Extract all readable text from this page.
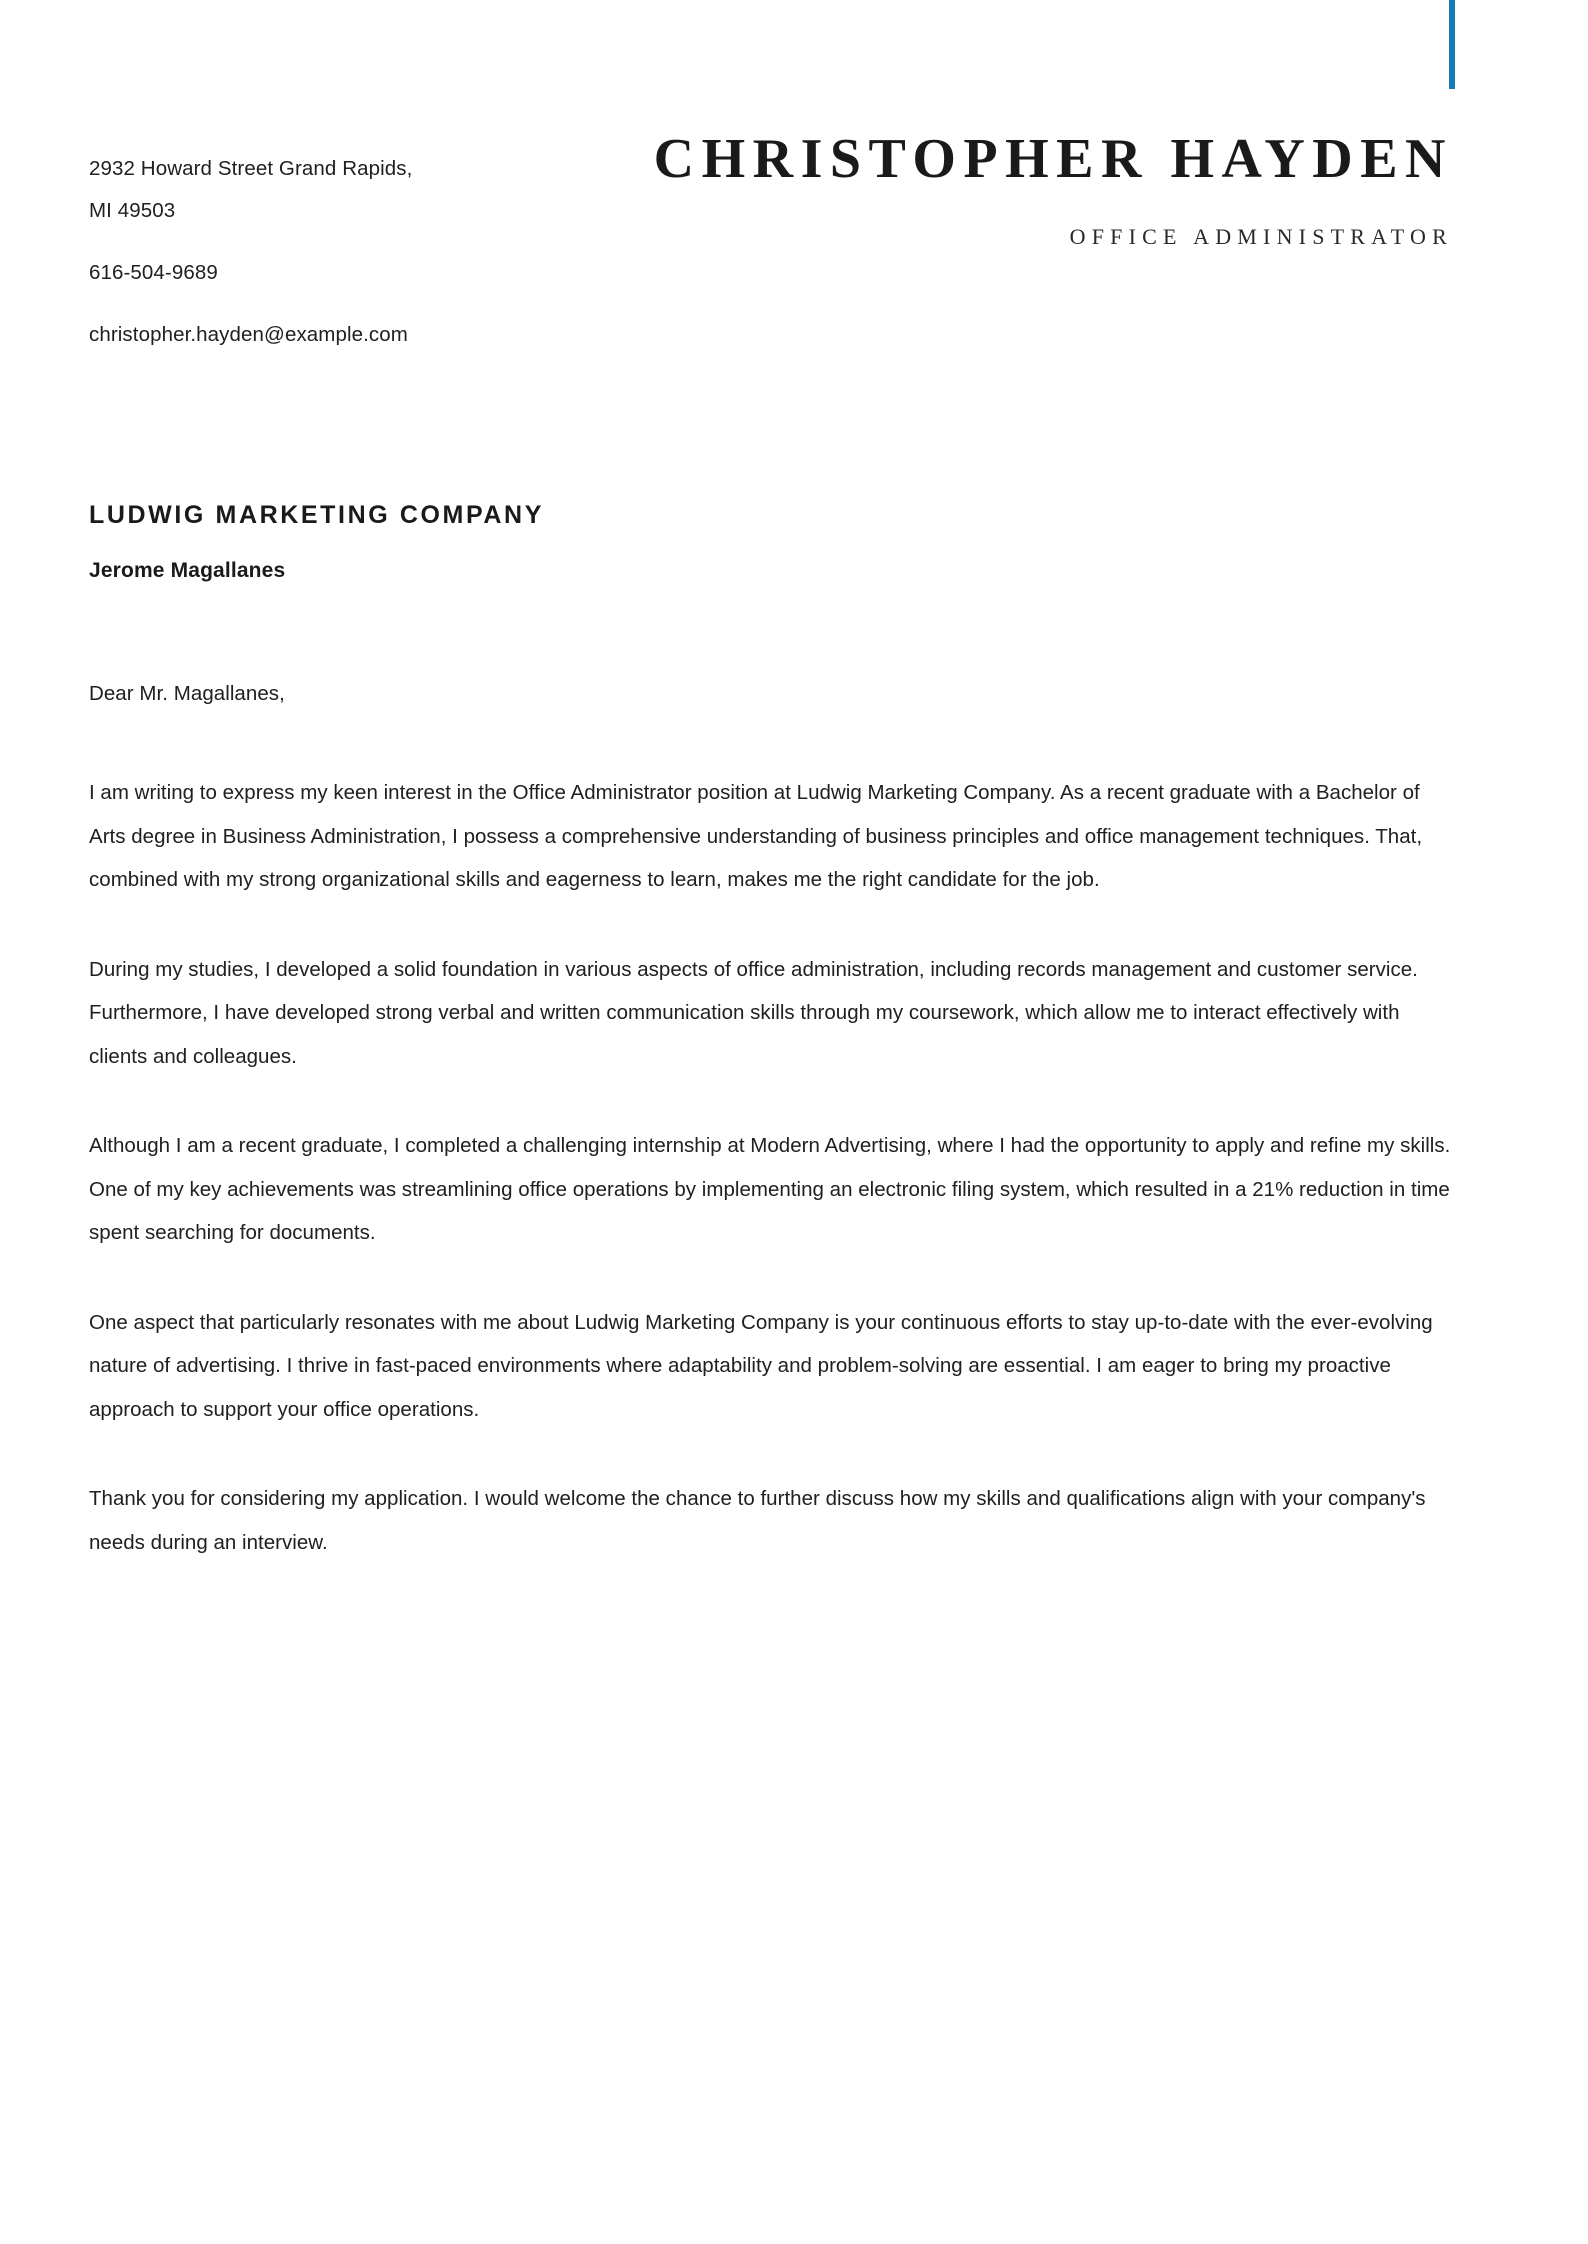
2932 Howard Street Grand Rapids,
MI 49503
616-504-9689
christopher.hayden@example.com
CHRISTOPHER HAYDEN
OFFICE ADMINISTRATOR
LUDWIG MARKETING COMPANY
Jerome Magallanes

Dear Mr. Magallanes,

I am writing to express my keen interest in the Office Administrator position at Ludwig Marketing Company. As a recent graduate with a Bachelor of Arts degree in Business Administration, I possess a comprehensive understanding of business principles and office management techniques. That, combined with my strong organizational skills and eagerness to learn, makes me the right candidate for the job.

During my studies, I developed a solid foundation in various aspects of office administration, including records management and customer service. Furthermore, I have developed strong verbal and written communication skills through my coursework, which allow me to interact effectively with clients and colleagues.

Although I am a recent graduate, I completed a challenging internship at Modern Advertising, where I had the opportunity to apply and refine my skills. One of my key achievements was streamlining office operations by implementing an electronic filing system, which resulted in a 21% reduction in time spent searching for documents.

One aspect that particularly resonates with me about Ludwig Marketing Company is your continuous efforts to stay up-to-date with the ever-evolving nature of advertising. I thrive in fast-paced environments where adaptability and problem-solving are essential. I am eager to bring my proactive approach to support your office operations.

Thank you for considering my application. I would welcome the chance to further discuss how my skills and qualifications align with your company's needs during an interview.
